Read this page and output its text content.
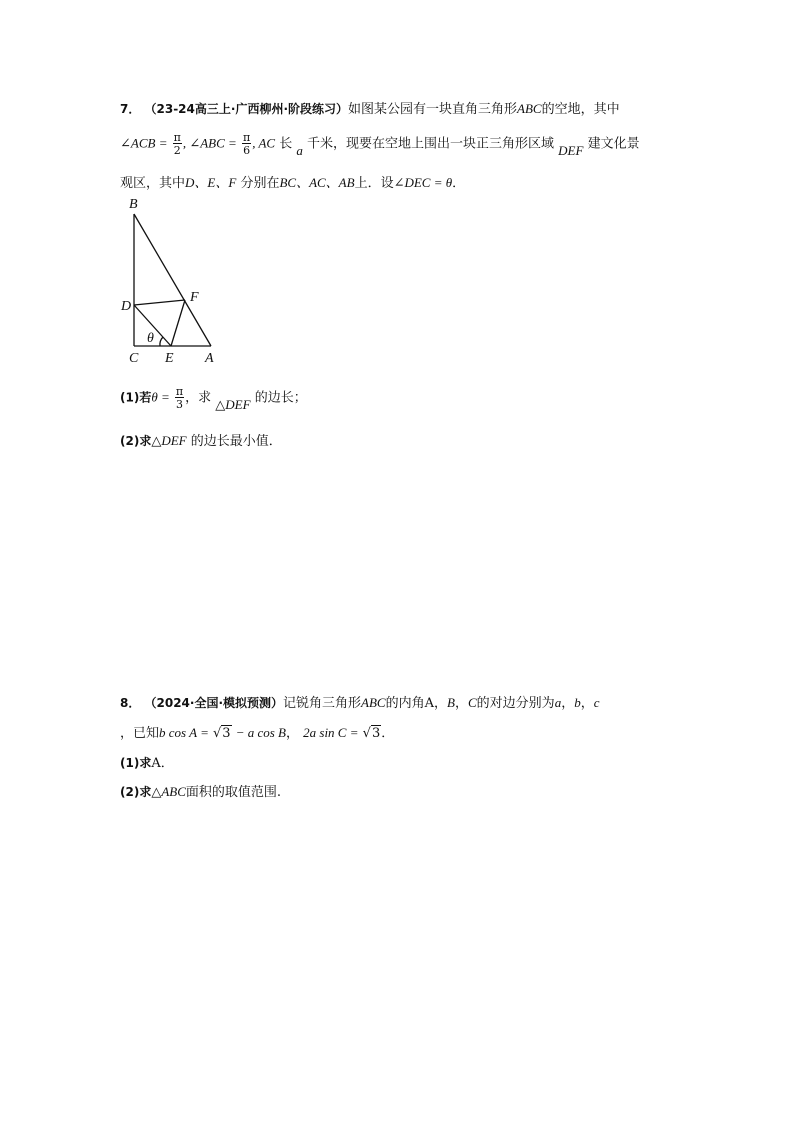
7． （23-24高三上·广西柳州·阶段练习）如图某公园有一块直角三角形ABC的空地，其中
∠ACB = $\frac{\pi}{2}$ , ∠ABC = $\frac{\pi}{6}$ , AC 长 a 千米，现要在空地上围出一块正三角形区域 DEF 建文化景
观区，其中D、E、F 分别在BC、AC、AB上．设∠DEC = θ．
B
D
F
C E A
θ
(1)若$\theta = \frac{\pi}{3}$ ，求 △DEF 的边长；
(2)求△DEF 的边长最小值．
8． （2024·全国·模拟预测）记锐角三角形ABC的内角A，B，C的对边分别为a，b，c
，已知b cos A = √3 − a cos B， 2a sin C = √3．
(1)求A．
(2)求△ABC面积的取值范围.
